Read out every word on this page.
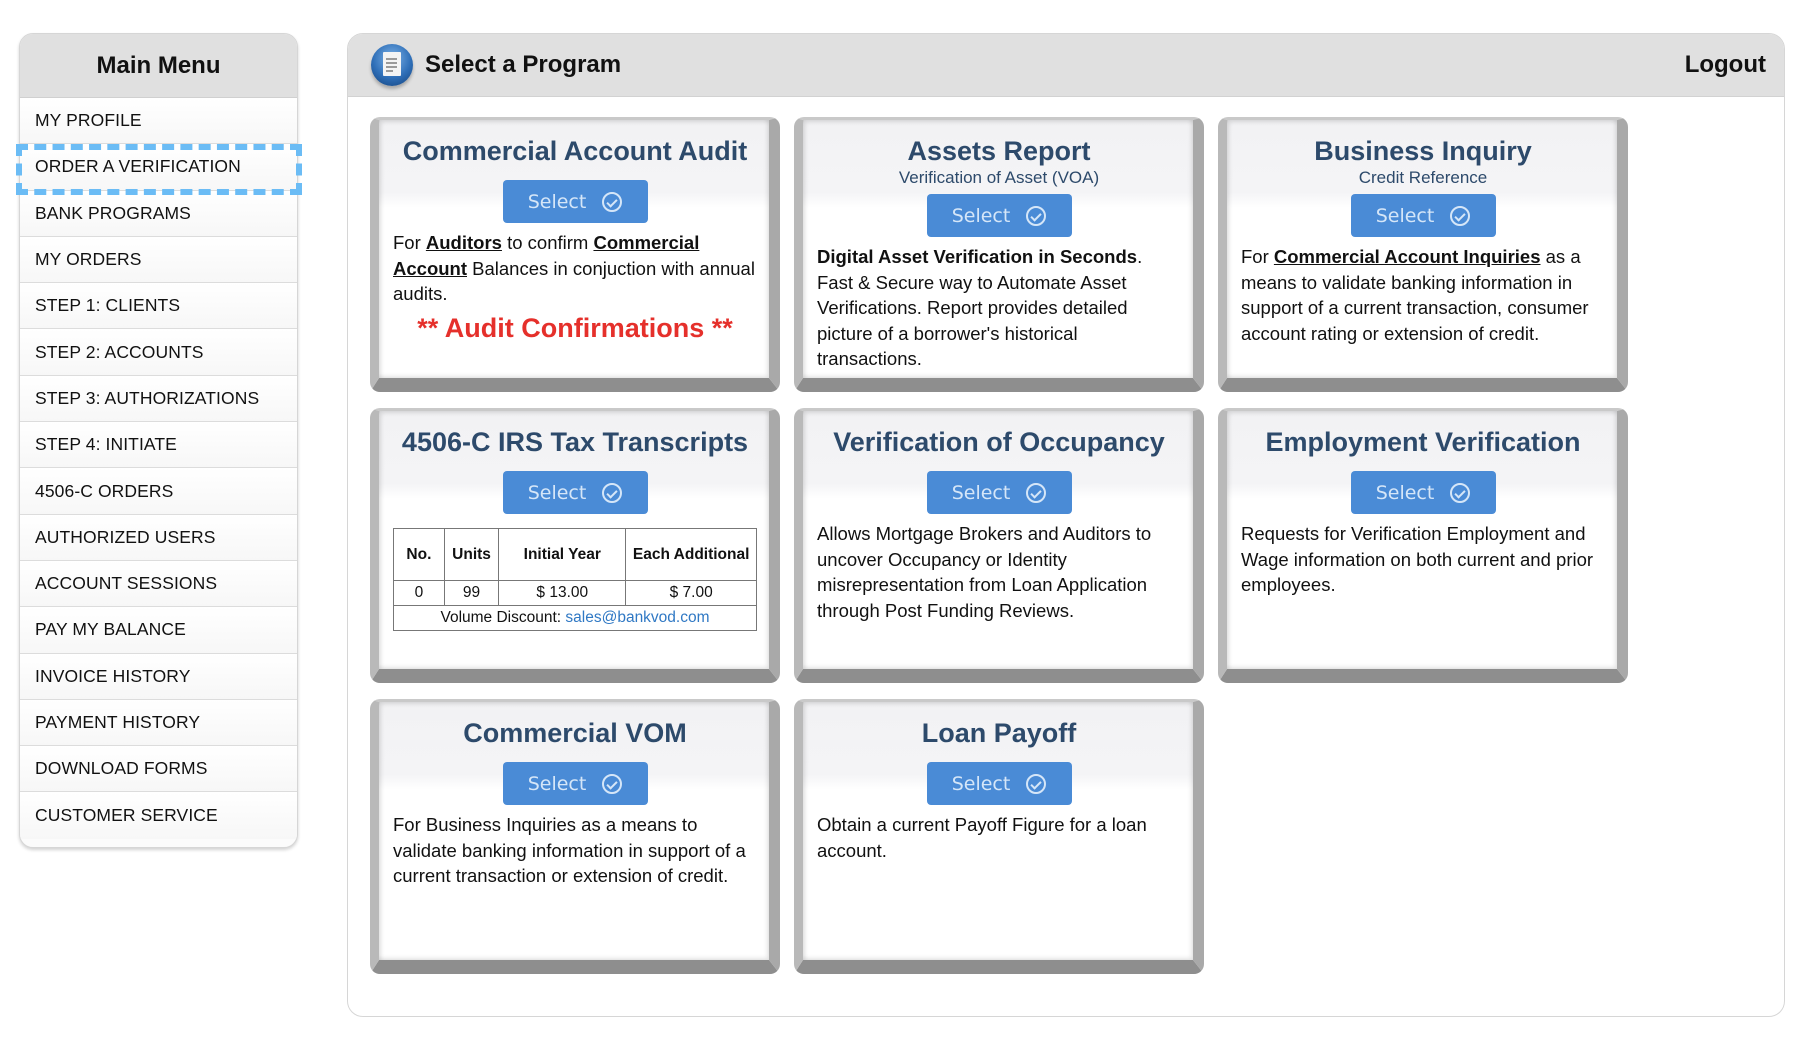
Main Menu
MY PROFILE
ORDER A VERIFICATION
BANK PROGRAMS
MY ORDERS
STEP 1: CLIENTS
STEP 2: ACCOUNTS
STEP 3: AUTHORIZATIONS
STEP 4: INITIATE
4506-C ORDERS
AUTHORIZED USERS
ACCOUNT SESSIONS
PAY MY BALANCE
INVOICE HISTORY
PAYMENT HISTORY
DOWNLOAD FORMS
CUSTOMER SERVICE
Select a Program	Logout
Commercial Account Audit
Select
For Auditors to confirm Commercial Account Balances in conjuction with annual audits.
** Audit Confirmations **
Assets Report
Verification of Asset (VOA)
Select
Digital Asset Verification in Seconds. Fast & Secure way to Automate Asset Verifications. Report provides detailed picture of a borrower's historical transactions.
Business Inquiry
Credit Reference
Select
For Commercial Account Inquiries as a means to validate banking information in support of a current transaction, consumer account rating or extension of credit.
4506-C IRS Tax Transcripts
Select
No.	Units	Initial Year	Each Additional
0	99	$ 13.00	$ 7.00
Volume Discount: sales@bankvod.com			
Verification of Occupancy
Select
Allows Mortgage Brokers and Auditors to uncover Occupancy or Identity misrepresentation from Loan Application through Post Funding Reviews.
Employment Verification
Select
Requests for Verification Employment and Wage information on both current and prior employees.
Commercial VOM
Select
For Business Inquiries as a means to validate banking information in support of a current transaction or extension of credit.
Loan Payoff
Select
Obtain a current Payoff Figure for a loan account.
